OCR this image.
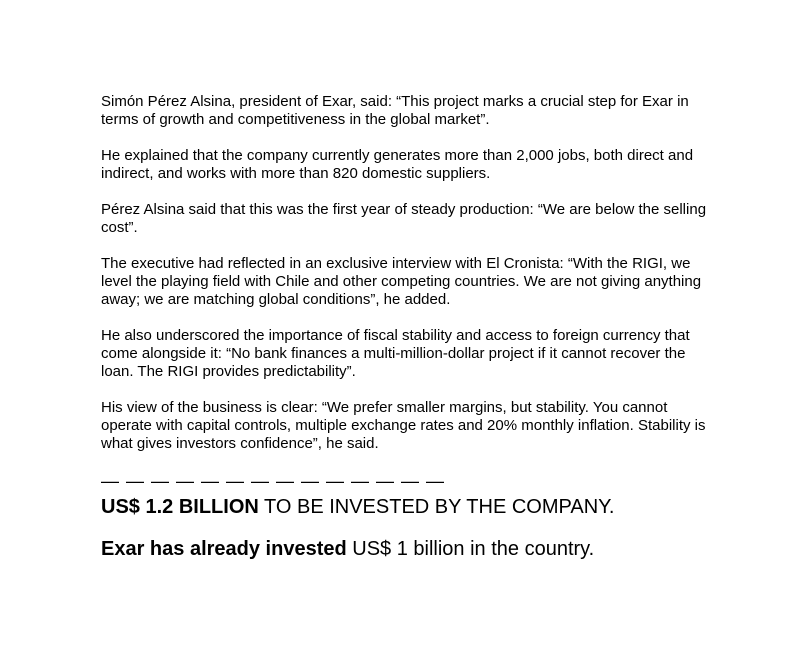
Simón Pérez Alsina, president of Exar, said: “This project marks a crucial step for Exar in terms of growth and competitiveness in the global market”.

He explained that the company currently generates more than 2,000 jobs, both direct and indirect, and works with more than 820 domestic suppliers.

Pérez Alsina said that this was the first year of steady production: “We are below the selling cost”.

The executive had reflected in an exclusive interview with El Cronista: “With the RIGI, we level the playing field with Chile and other competing countries. We are not giving anything away; we are matching global conditions”, he added.

He also underscored the importance of fiscal stability and access to foreign currency that come alongside it: “No bank finances a multi-million-dollar project if it cannot recover the loan. The RIGI provides predictability”.

His view of the business is clear: “We prefer smaller margins, but stability. You cannot operate with capital controls, multiple exchange rates and 20% monthly inflation. Stability is what gives investors confidence”, he said.

— — — — — — — — — — — — — —
US$ 1.2 BILLION TO BE INVESTED BY THE COMPANY.
Exar has already invested US$ 1 billion in the country.
